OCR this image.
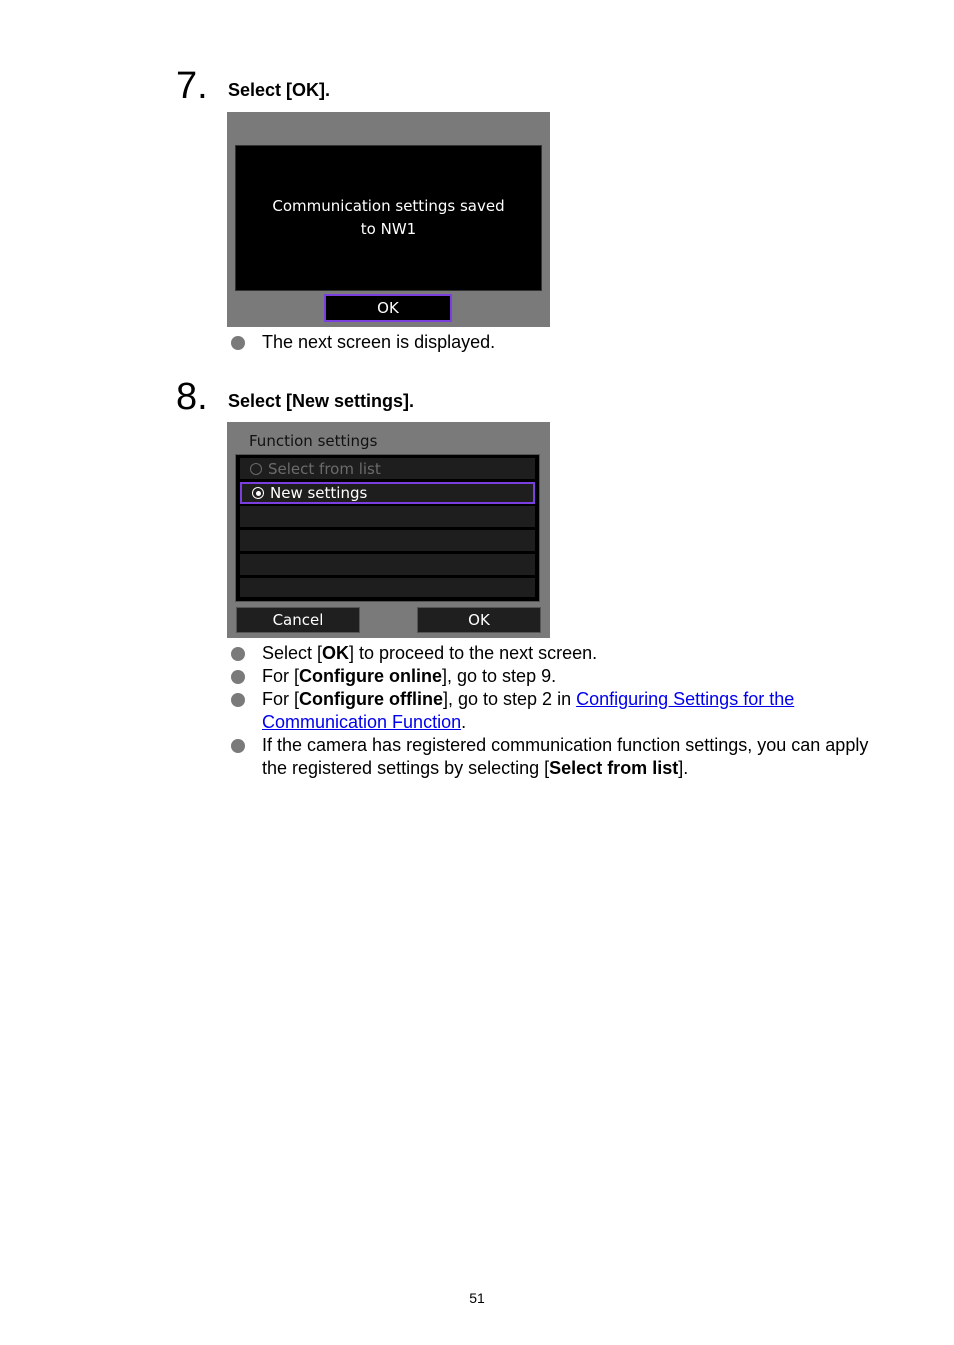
7. Select [OK].
Communication settings saved
to NW1
OK
The next screen is displayed.
8. Select [New settings].
Function settings
Select from list
New settings
Cancel	OK
Select [OK] to proceed to the next screen.
For [Configure online], go to step 9.
For [Configure offline], go to step 2 in Configuring Settings for the
Communication Function.
If the camera has registered communication function settings, you can apply the registered settings by selecting [Select from list].
51
